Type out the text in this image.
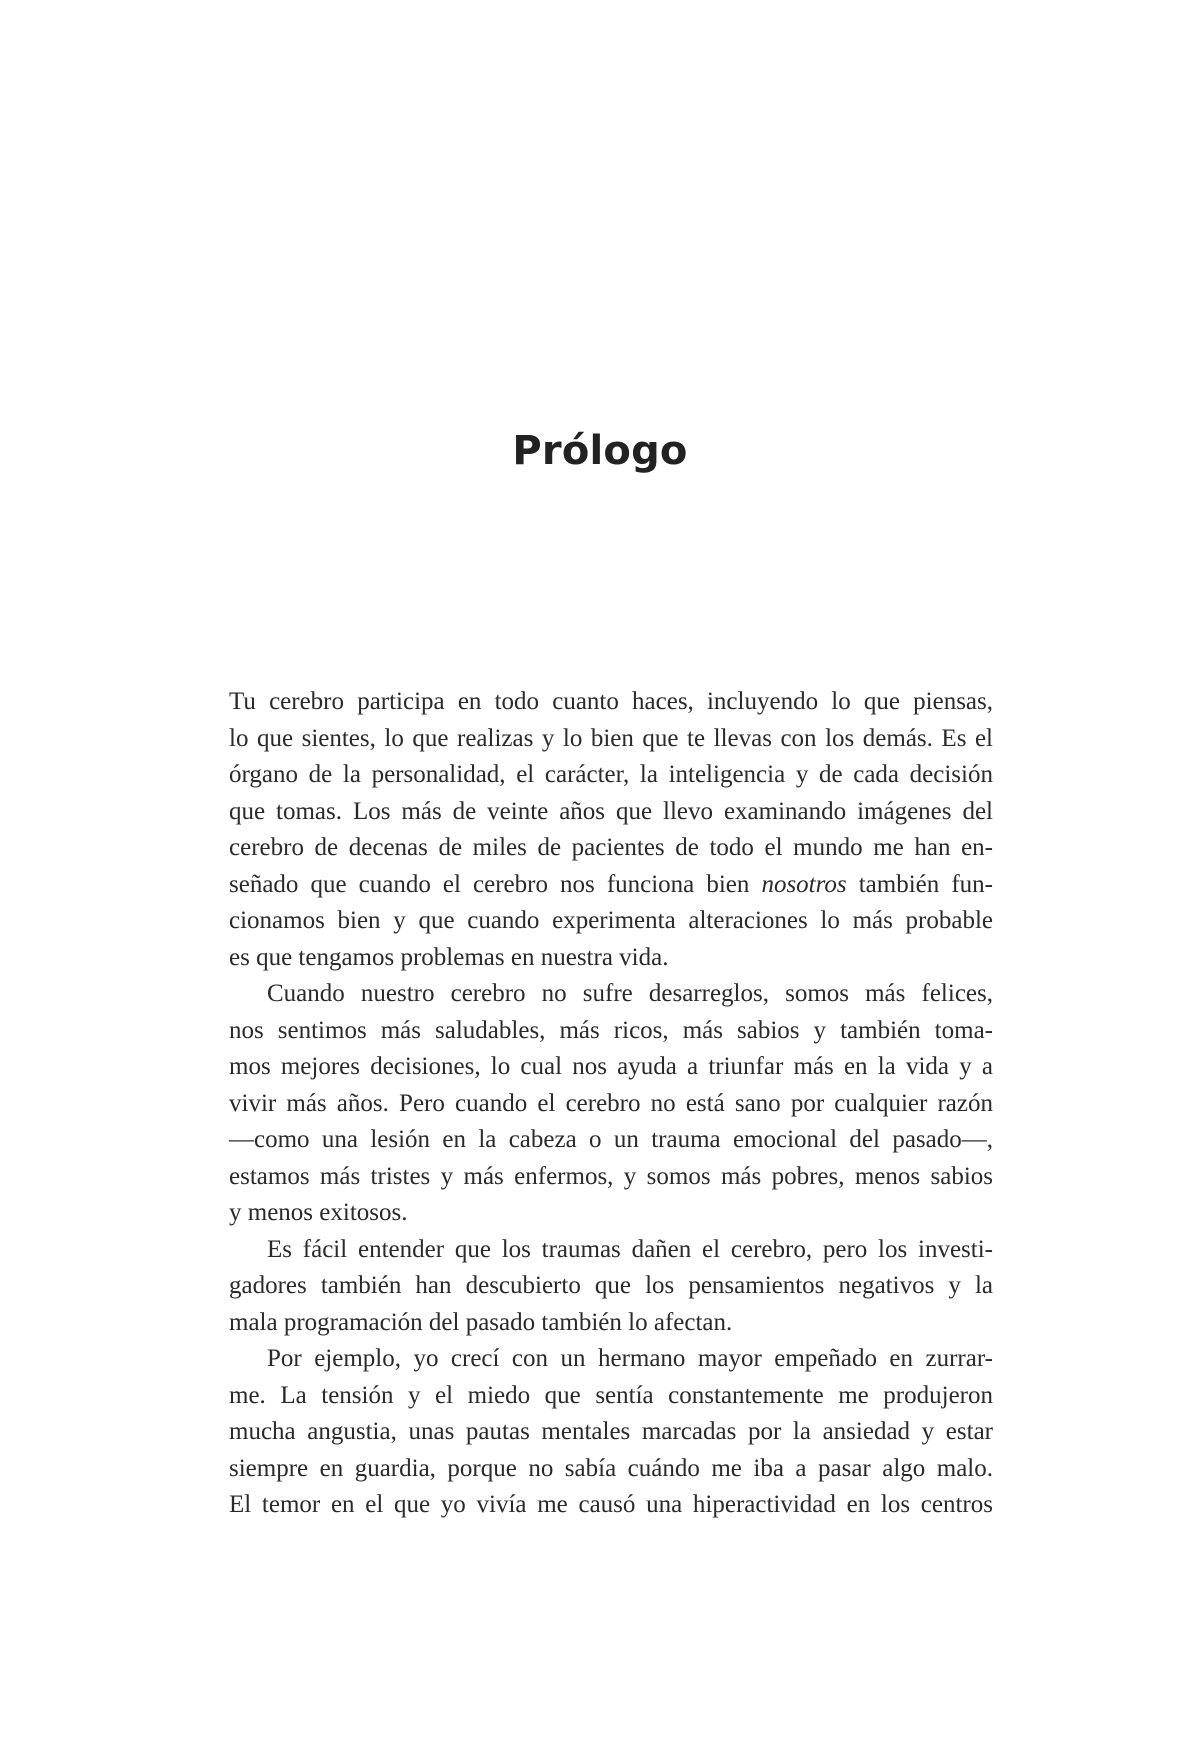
Prólogo
Tu cerebro participa en todo cuanto haces, incluyendo lo que piensas,
lo que sientes, lo que realizas y lo bien que te llevas con los demás. Es el
órgano de la personalidad, el carácter, la inteligencia y de cada decisión
que tomas. Los más de veinte años que llevo examinando imágenes del
cerebro de decenas de miles de pacientes de todo el mundo me han en-
señado que cuando el cerebro nos funciona bien nosotros también fun-
cionamos bien y que cuando experimenta alteraciones lo más probable
es que tengamos problemas en nuestra vida.
Cuando nuestro cerebro no sufre desarreglos, somos más felices,
nos sentimos más saludables, más ricos, más sabios y también toma-
mos mejores decisiones, lo cual nos ayuda a triunfar más en la vida y a
vivir más años. Pero cuando el cerebro no está sano por cualquier razón
—como una lesión en la cabeza o un trauma emocional del pasado—,
estamos más tristes y más enfermos, y somos más pobres, menos sabios
y menos exitosos.
Es fácil entender que los traumas dañen el cerebro, pero los investi-
gadores también han descubierto que los pensamientos negativos y la
mala programación del pasado también lo afectan.
Por ejemplo, yo crecí con un hermano mayor empeñado en zurrar-
me. La tensión y el miedo que sentía constantemente me produjeron
mucha angustia, unas pautas mentales marcadas por la ansiedad y estar
siempre en guardia, porque no sabía cuándo me iba a pasar algo malo.
El temor en el que yo vivía me causó una hiperactividad en los centros
